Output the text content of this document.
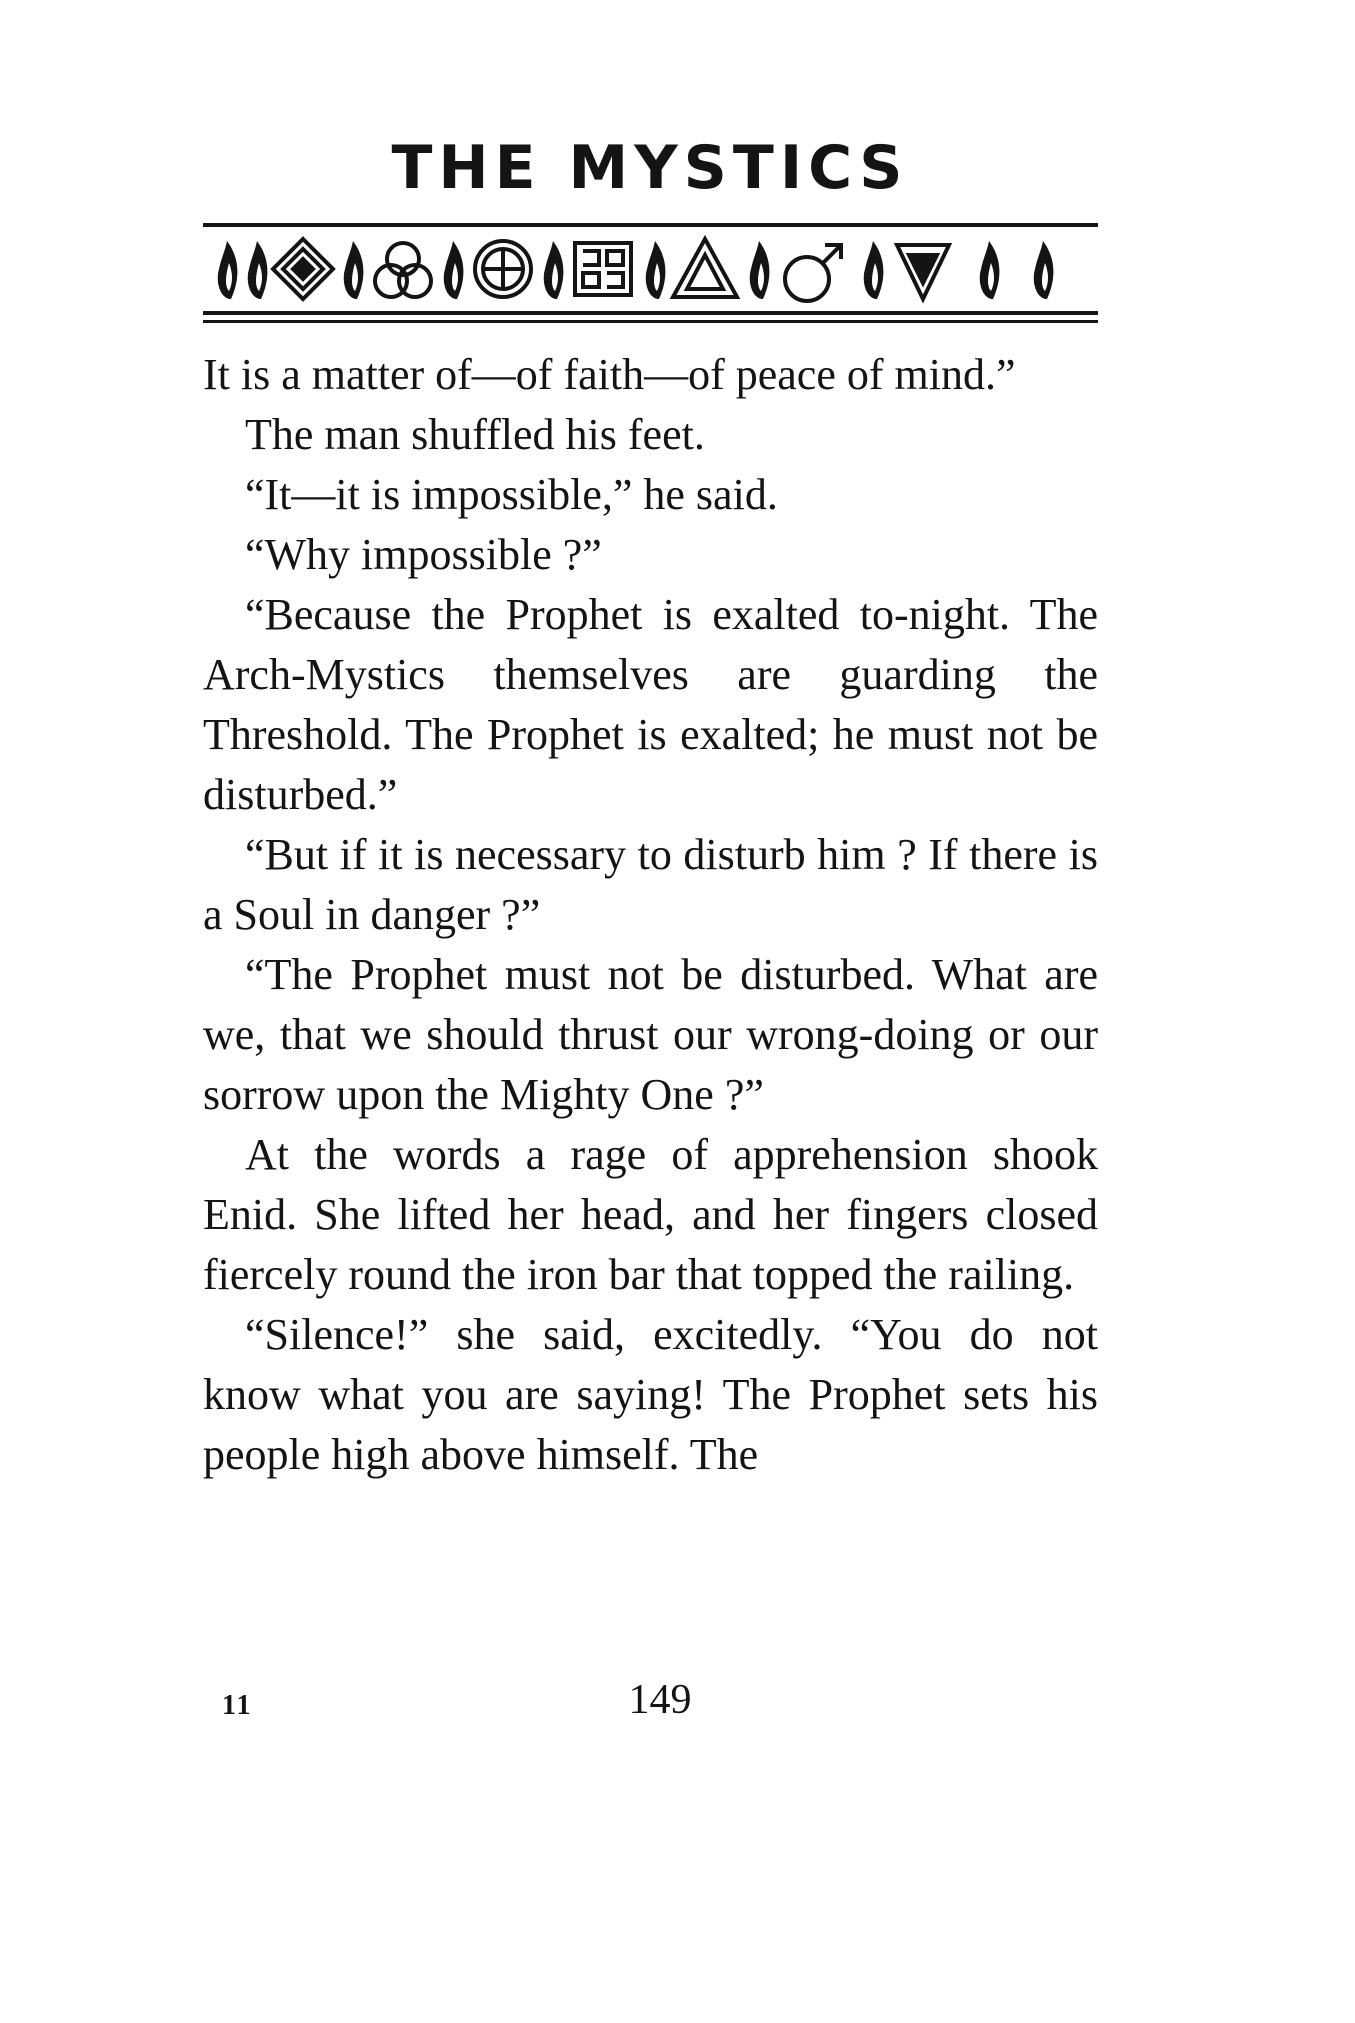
THE MYSTICS

It is a matter of—of faith—of peace of mind.”

The man shuffled his feet.

“It—it is impossible,” he said.

“Why impossible ?”

“Because the Prophet is exalted to-night. The Arch-Mystics themselves are guarding the Threshold. The Prophet is exalted; he must not be disturbed.”

“But if it is necessary to disturb him ? If there is a Soul in danger ?”

“The Prophet must not be disturbed. What are we, that we should thrust our wrong-doing or our sorrow upon the Mighty One ?”

At the words a rage of apprehension shook Enid. She lifted her head, and her fingers closed fiercely round the iron bar that topped the railing.

“Silence!” she said, excitedly. “You do not know what you are saying! The Prophet sets his people high above himself. The

11	149
